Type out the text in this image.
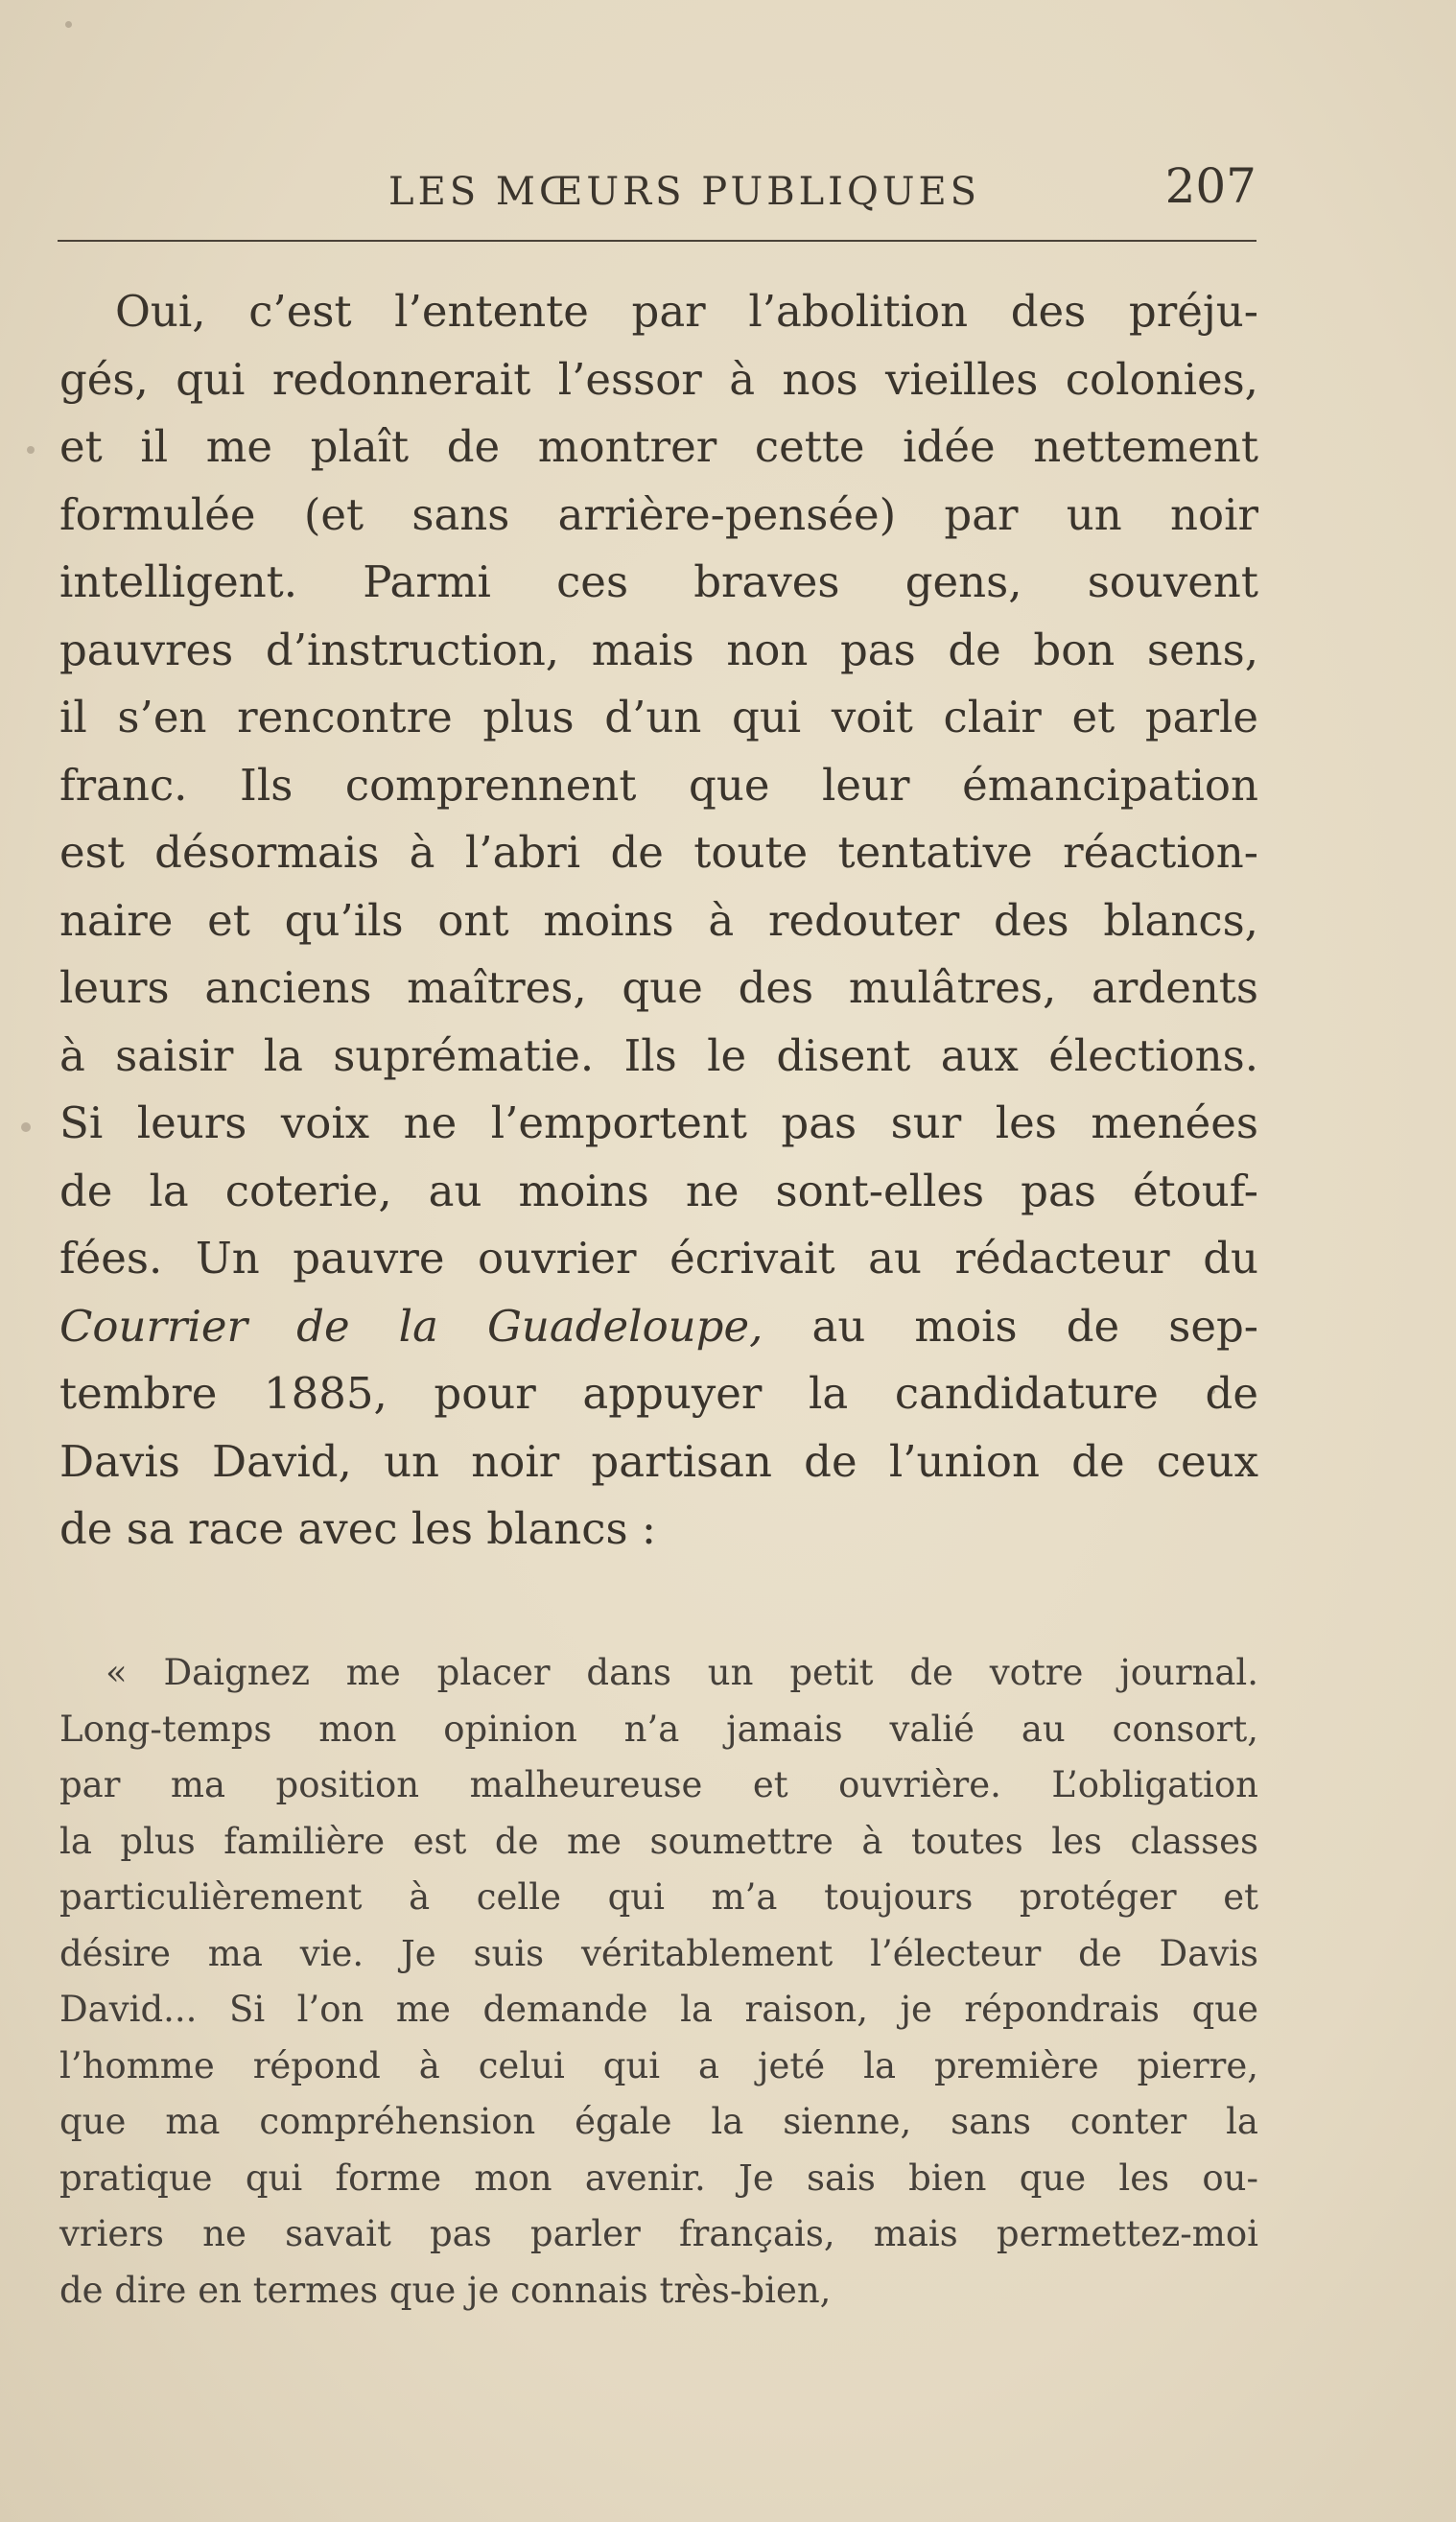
LES MŒURS PUBLIQUES	207
Oui, c’est l’entente par l’abolition des préju-
gés, qui redonnerait l’essor à nos vieilles colonies,
et il me plaît de montrer cette idée nettement
formulée (et sans arrière-pensée) par un noir
intelligent. Parmi ces braves gens, souvent
pauvres d’instruction, mais non pas de bon sens,
il s’en rencontre plus d’un qui voit clair et parle
franc. Ils comprennent que leur émancipation
est désormais à l’abri de toute tentative réaction-
naire et qu’ils ont moins à redouter des blancs,
leurs anciens maîtres, que des mulâtres, ardents
à saisir la suprématie. Ils le disent aux élections.
Si leurs voix ne l’emportent pas sur les menées
de la coterie, au moins ne sont-elles pas étouf-
fées. Un pauvre ouvrier écrivait au rédacteur du
Courrier de la Guadeloupe, au mois de sep-
tembre 1885, pour appuyer la candidature de
Davis David, un noir partisan de l’union de ceux
de sa race avec les blancs :
« Daignez me placer dans un petit de votre journal.
Long-temps mon opinion n’a jamais valié au consort,
par ma position malheureuse et ouvrière. L’obligation
la plus familière est de me soumettre à toutes les classes
particulièrement à celle qui m’a toujours protéger et
désire ma vie. Je suis véritablement l’électeur de Davis
David... Si l’on me demande la raison, je répondrais que
l’homme répond à celui qui a jeté la première pierre,
que ma compréhension égale la sienne, sans conter la
pratique qui forme mon avenir. Je sais bien que les ou-
vriers ne savait pas parler français, mais permettez-moi
de dire en termes que je connais très-bien,
